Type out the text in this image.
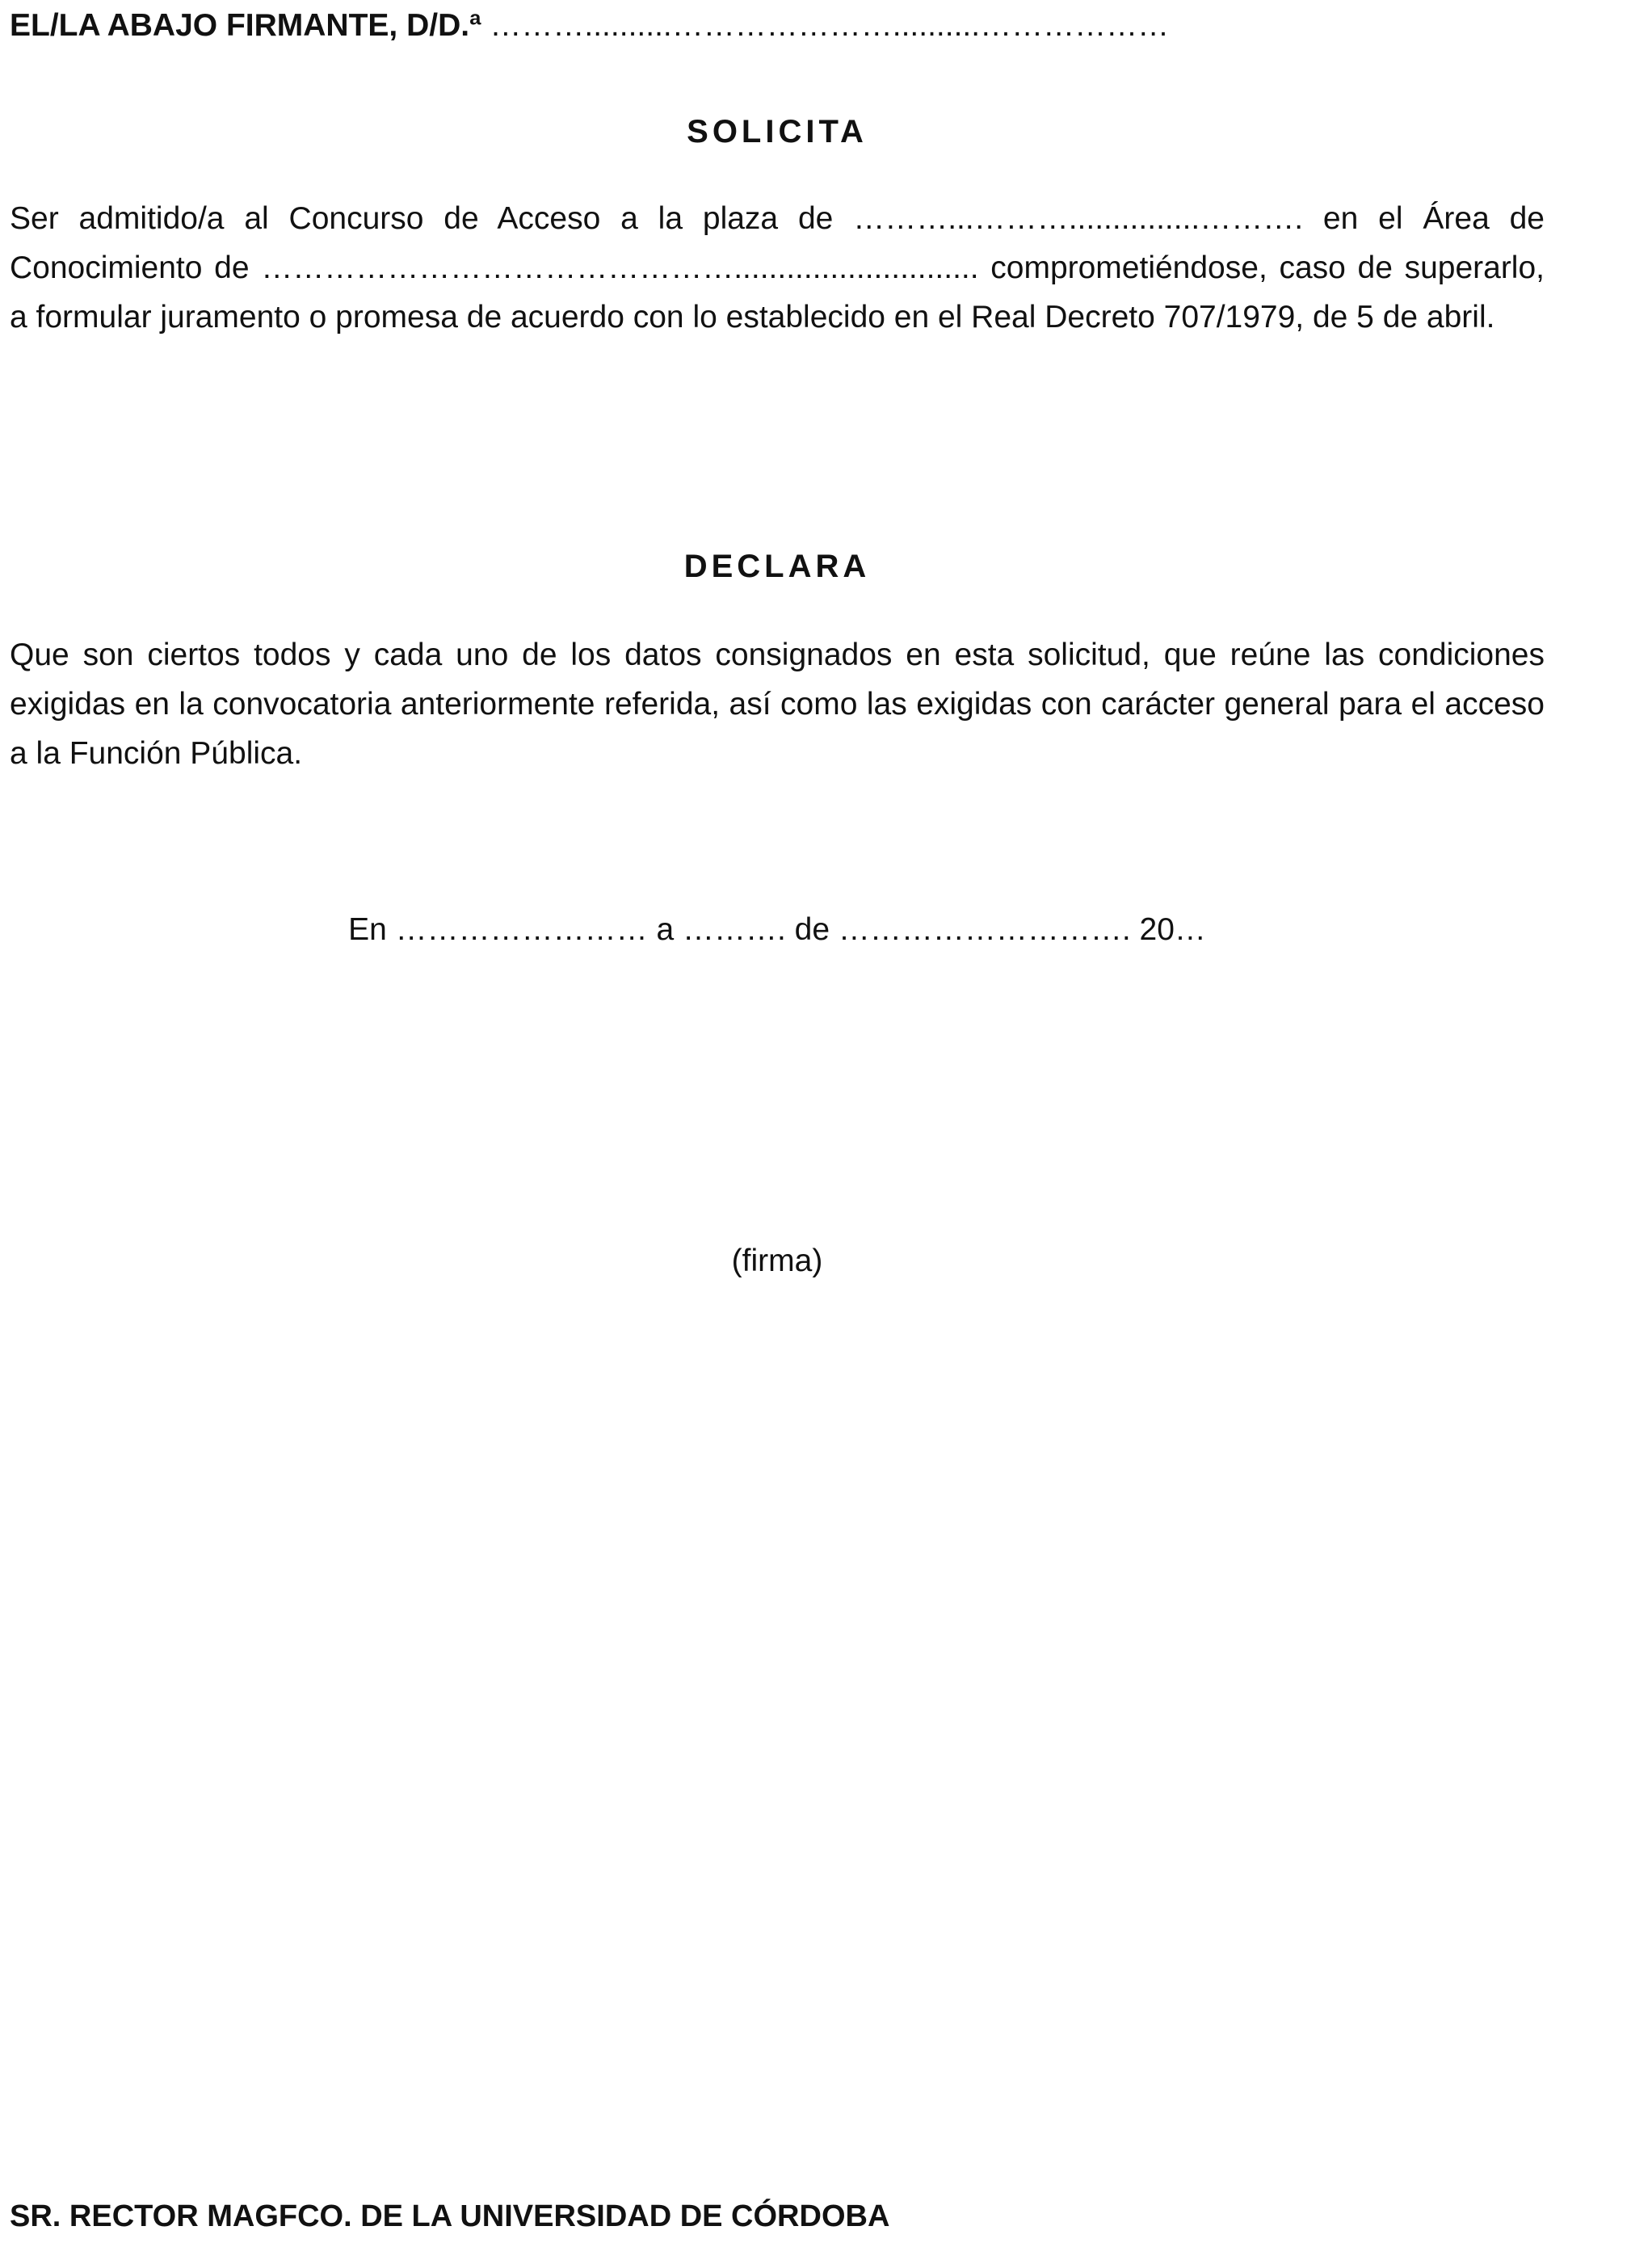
EL/LA ABAJO FIRMANTE, D/D.ª ………..........…………………..........………………

SOLICITA

Ser admitido/a al Concurso de Acceso a la plaza de ………...………...............………. en el Área de Conocimiento de ………………………………………............................ comprometiéndose, caso de superarlo, a formular juramento o promesa de acuerdo con lo establecido en el Real Decreto 707/1979, de 5 de abril.

DECLARA

Que son ciertos todos y cada uno de los datos consignados en esta solicitud, que reúne las condiciones exigidas en la convocatoria anteriormente referida, así como las exigidas con carácter general para el acceso a la Función Pública.

En …………………… a ………. de ………………………. 20…

(firma)

SR. RECTOR MAGFCO. DE LA UNIVERSIDAD DE CÓRDOBA
